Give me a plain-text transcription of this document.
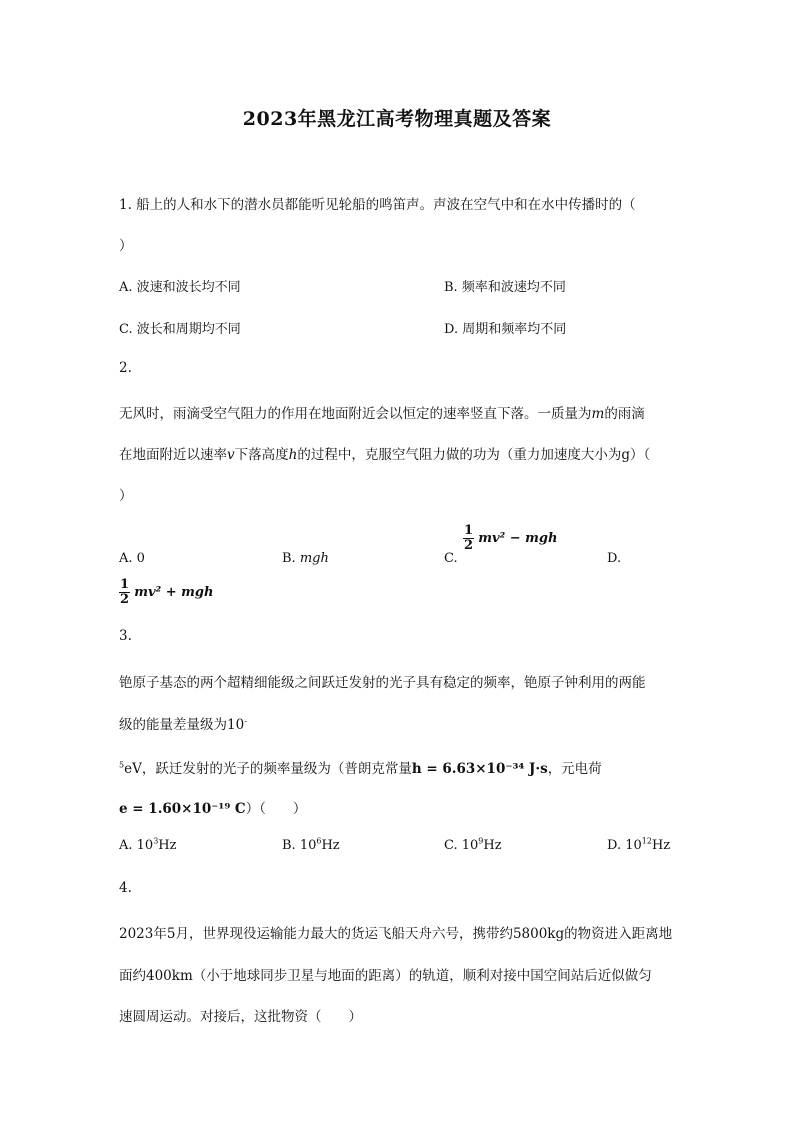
2023年黑龙江高考物理真题及答案
1. 船上的人和水下的潜水员都能听见轮船的鸣笛声。声波在空气中和在水中传播时的（
）
A. 波速和波长均不同	B. 频率和波速均不同
C. 波长和周期均不同	D. 周期和频率均不同
2.
无风时，雨滴受空气阻力的作用在地面附近会以恒定的速率竖直下落。一质量为m的雨滴
在地面附近以速率v下落高度h的过程中，克服空气阻力做的功为（重力加速度大小为g）（
）
A. 0	B. mgh	C.
$\frac{1}{2} mv^2$ − mgh
D.
$\frac{1}{2} mv^2$ + mgh
3.
铯原子基态的两个超精细能级之间跃迁发射的光子具有稳定的频率，铯原子钟利用的两能
级的能量差量级为10-
$^5$eV，跃迁发射的光子的频率量级为（普朗克常量h = 6.63×10⁻³⁴ J·s，元电荷
e = 1.60×10⁻¹⁹ C）（　　）
A. $10^3Hz$	B. $10^6Hz$	C. $10^9Hz$	D. $10^{12}Hz$
4.
2023年5月，世界现役运输能力最大的货运飞船天舟六号，携带约5800kg的物资进入距离地
面约400km（小于地球同步卫星与地面的距离）的轨道，顺利对接中国空间站后近似做匀
速圆周运动。对接后，这批物资（　　）
